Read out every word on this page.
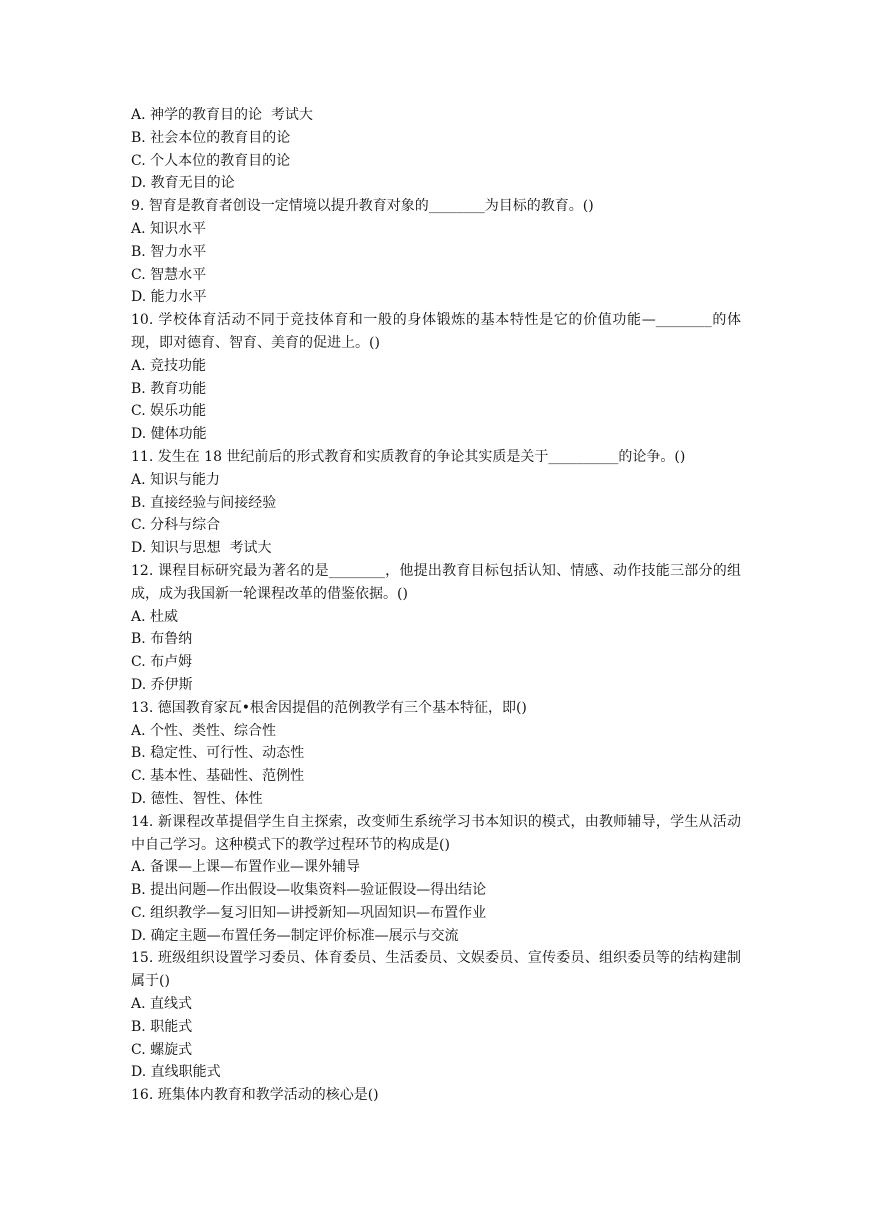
A. 神学的教育目的论  考试大

B. 社会本位的教育目的论

C. 个人本位的教育目的论

D. 教育无目的论

9. 智育是教育者创设一定情境以提升教育对象的________为目标的教育。()

A. 知识水平

B. 智力水平

C. 智慧水平

D. 能力水平

10. 学校体育活动不同于竞技体育和一般的身体锻炼的基本特性是它的价值功能—________的体现，即对德育、智育、美育的促进上。()

A. 竞技功能

B. 教育功能

C. 娱乐功能

D. 健体功能

11. 发生在 18 世纪前后的形式教育和实质教育的争论其实质是关于__________的论争。()

A. 知识与能力

B. 直接经验与间接经验

C. 分科与综合

D. 知识与思想  考试大

12. 课程目标研究最为著名的是________，他提出教育目标包括认知、情感、动作技能三部分的组成，成为我国新一轮课程改革的借鉴依据。()

A. 杜威

B. 布鲁纳

C. 布卢姆

D. 乔伊斯

13. 德国教育家瓦•根舍因提倡的范例教学有三个基本特征，即()

A. 个性、类性、综合性

B. 稳定性、可行性、动态性

C. 基本性、基础性、范例性

D. 德性、智性、体性

14. 新课程改革提倡学生自主探索，改变师生系统学习书本知识的模式，由教师辅导，学生从活动中自己学习。这种模式下的教学过程环节的构成是()

A. 备课—上课—布置作业—课外辅导

B. 提出问题—作出假设—收集资料—验证假设—得出结论

C. 组织教学—复习旧知—讲授新知—巩固知识—布置作业

D. 确定主题—布置任务—制定评价标准—展示与交流

15. 班级组织设置学习委员、体育委员、生活委员、文娱委员、宣传委员、组织委员等的结构建制属于()

A. 直线式

B. 职能式

C. 螺旋式

D. 直线职能式

16. 班集体内教育和教学活动的核心是()
